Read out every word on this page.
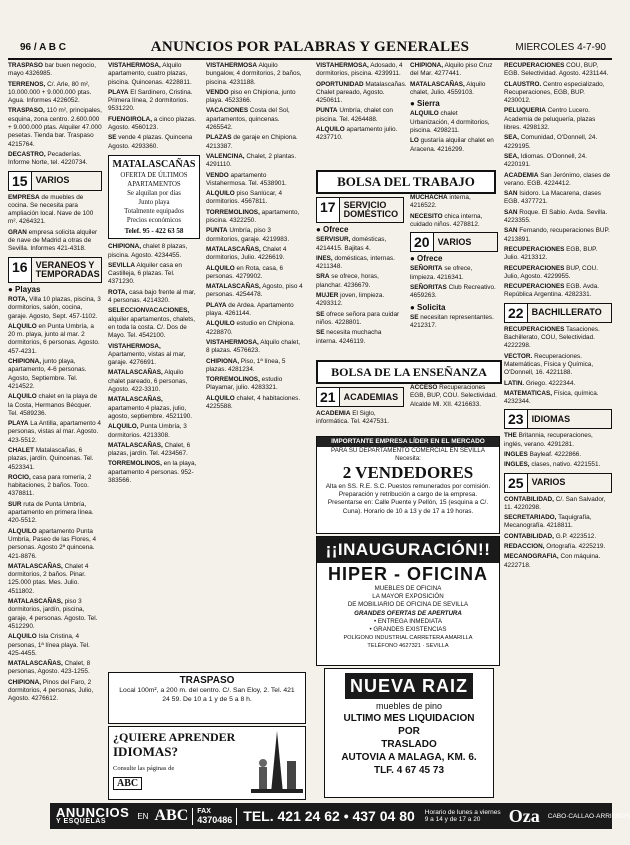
96 / A B C	ANUNCIOS POR PALABRAS Y GENERALES	MIERCOLES 4-7-90

TRASPASO bar buen negocio, mayo 4326985.

TERRENOS, C/. Arle, 80 m², 10.000.000 + 9.000.000 ptas. Agua. Informes 4226052.

TRASPASO, 110 m², principales, esquina, zona centro. 2.600.000 + 9.000.000 ptas. Alquiler 47.000 pesetas. Tienda bar. Traspaso 4215764.

DECASTRO, Pecaderías. Informe Norte, tel. 4220734.

15 VARIOS

EMPRESA de muebles de cocina. Se necesita para ampliación local. Nave de 100 m². 4264321.

GRAN empresa solicita alquiler de nave de Madrid a otras de Sevilla. Informes 421-4318.

16 VERANEOS Y TEMPORADAS
● Playas

ROTA, Villa 10 plazas, piscina, 3 dormitorios, salón, cocina, garaje. Agosto, Sept. 457-1102.

ALQUILO en Punta Umbría, a 20 m. playa, junto al mar. 2 dormitorios, 6 personas. Agosto. 457-4231.

CHIPIONA, junto playa, apartamento, 4-6 personas. Agosto, Septiembre. Tel. 4214522.

ALQUILO chalet en la playa de la Costa, Hermanos Bécquer. Tel. 4589236.

PLAYA La Antilla, apartamento 4 personas, vistas al mar. Agosto. 423-5512.

CHALET Matalascañas, 6 plazas, jardín. Quincenas. Tel. 4523341.

ROCIO, casa para romería, 2 habitaciones, 2 baños. Toco. 4378811.

SUR ruta de Punta Umbría, apartamento en primera línea. 420-5512.

ALQUILO apartamento Punta Umbría, Paseo de las Flores, 4 personas. Agosto 2ª quincena. 421-8876.

MATALASCAÑAS, Chalet 4 dormitorios, 2 baños. Pinar. 125.000 ptas. Mes. Julio. 4511802.

MATALASCAÑAS, piso 3 dormitorios, jardín, piscina, garaje, 4 personas. Agosto. Tel. 4512290.

ALQUILO Isla Cristina, 4 personas, 1ª línea playa. Tel. 425-4455.

MATALASCAÑAS, Chalet, 8 personas, Agosto. 423-1255.

CHIPIONA, Pinos del Faro, 2 dormitorios, 4 personas, Julio, Agosto. 4276612.

VISTAHERMOSA, Alquilo apartamento, cuatro plazas, piscina. Quincenas. 4228811.

PLAYA El Sardinero, Cristina. Primera línea, 2 dormitorios. 9531220.

FUENGIROLA, a cinco plazas. Agosto. 4560123.

SE vende 4 plazas. Quincena Agosto. 4293360.

MATALASCAÑAS
OFERTA DE ÚLTIMOS
APARTAMENTOS
Se alquilan por días
Junto playa
Totalmente equipados
Precios económicos
Telef. 95 - 422 63 58

CHIPIONA, chalet 8 plazas, piscina. Agosto. 4234455.

SEVILLA Alquiler casa en Castilleja, 6 plazas. Tel. 4371230.

ROTA, casa bajo frente al mar, 4 personas. 4214320.

SELECCIONVACACIONES, alquiler apartamentos, chalets, en toda la costa. C/. Dos de Mayo. Tel. 4542100.

VISTAHERMOSA, Apartamento, vistas al mar, garaje. 4276691.

MATALASCAÑAS, Alquilo chalet pareado, 6 personas, Agosto. 422-3310.

MATALASCAÑAS, apartamento 4 plazas, julio, agosto, septiembre. 4521190.

ALQUILO, Punta Umbría, 3 dormitorios. 4213308.

MATALASCAÑAS, Chalet, 6 plazas, jardín. Tel. 4234567.

TORREMOLINOS, en la playa, apartamento 4 personas. 952-383566.

TRASPASO
Local 100m², a 200 m. del centro. C/. San Eloy, 2. Tel. 421 24 59. De 10 a 1 y de 5 a 8 h.
¿QUIERE APRENDER
IDIOMAS?
Consulte las páginas de
ABC

VISTAHERMOSA Alquilo bungalow, 4 dormitorios, 2 baños, piscina. 4231188.

VENDO piso en Chipiona, junto playa. 4523366.

VACACIONES Costa del Sol, apartamentos, quincenas. 4265542.

PLAZAS de garaje en Chipiona. 4213387.

VALENCINA, Chalet, 2 plantas. 4291110.

VENDO apartamento Vistahermosa. Tel. 4538901.

ALQUILO piso Sanlúcar, 4 dormitorios. 4567811.

TORREMOLINOS, apartamento, piscina. 4322250.

PUNTA Umbría, piso 3 dormitorios, garaje. 4219983.

MATALASCAÑAS, Chalet 4 dormitorios, Julio. 4226619.

ALQUILO en Rota, casa, 6 personas. 4279902.

MATALASCAÑAS, Agosto, piso 4 personas. 4254478.

PLAYA de Ardea. Apartamento playa. 4261144.

ALQUILO estudio en Chipiona. 4228870.

VISTAHERMOSA, Alquilo chalet, 8 plazas. 4576623.

CHIPIONA, Piso, 1ª línea, 5 plazas. 4281234.

TORREMOLINOS, estudio Playamar, julio. 4283321.

ALQUILO chalet, 4 habitaciones. 4225588.

VISTAHERMOSA, Adosado, 4 dormitorios, piscina. 4239911.

OPORTUNIDAD Matalascañas. Chalet pareado, Agosto. 4250611.

PUNTA Umbría, chalet con piscina. Tel. 4264488.

ALQUILO apartamento julio. 4237710.

BOLSA DEL TRABAJO
17 SERVICIO DOMÉSTICO
● Ofrece

SERVISUR, domésticas, 4214415. Bajitas 4.

INES, domésticas, internas. 4211348.

SRA se ofrece, horas, planchar. 4236679.

MUJER joven, limpieza. 4293312.

SE ofrece señora para cuidar niños. 4228801.

SE necesita muchacha interna. 4246119.

CHIPIONA, Alquilo piso Cruz del Mar. 4277441.

MATALASCAÑAS, Alquilo chalet, Julio. 4559103.

● Sierra

ALQUILO chalet Urbanización, 4 dormitorios, piscina. 4298211.

LO gustaría alquilar chalet en Aracena. 4216299.

MUCHACHA interna, 4216522.

NECESITO chica interna, cuidado niños. 4278812.

20 VARIOS
● Ofrece

SEÑORITA se ofrece, limpieza. 4216341.

SEÑORITAS Club Recreativo. 4659263.

● Solicita

SE necesitan representantes. 4212317.

BOLSA DE LA ENSEÑANZA
21 ACADEMIAS

ACADEMIA El Siglo, informática. Tel. 4247531.

ACCESO Recuperaciones EGB, BUP, COU. Selectividad. Alcalde Ml. XII. 4216633.

IMPORTANTE EMPRESA LÍDER EN EL MERCADO
PARA SU DEPARTAMENTO COMERCIAL EN SEVILLA
Necesita:
2 VENDEDORES
Alta en SS. R.E. S.C. Puestos remunerados por comisión. Preparación y retribución a cargo de la empresa. Presentarse en: Calle Puente y Pellón, 15 (esquina a C/. Cuna). Horario de 10 a 13 y de 17 a 19 horas.
¡¡INAUGURACIÓN!!
HIPER - OFICINA
MUEBLES DE OFICINA
LA MAYOR EXPOSICIÓN
DE MOBILIARIO DE OFICINA DE SEVILLA
GRANDES OFERTAS DE APERTURA
• ENTREGA INMEDIATA
• GRANDES EXISTENCIAS
POLÍGONO INDUSTRIAL CARRETERA AMARILLA
TELÉFONO 4627321 · SEVILLA
NUEVA RAIZ
muebles de pino
ULTIMO MES LIQUIDACION
POR
TRASLADO
AUTOVIA A MALAGA, KM. 6.
TLF. 4 67 45 73

RECUPERACIONES COU, BUP, EGB. Selectividad. Agosto. 4231144.

CLAUSTRO. Centro especializado, Recuperaciones, EGB, BUP. 4230012.

PELUQUERIA Centro Lucero. Academia de peluquería, plazas libres. 4298132.

SEA, Comunidad, O'Donnell, 24. 4229195.

SEA, Idiomas. O'Donnell, 24. 4220191.

ACADEMIA San Jerónimo, clases de verano. EGB. 4224412.

SAN Isidoro. La Macarena, clases EGB. 4377721.

SAN Roque. El Sabio. Avda. Sevilla. 4223355.

SAN Fernando, recuperaciones BUP. 4213891.

RECUPERACIONES EGB, BUP. Julio. 4213312.

RECUPERACIONES BUP, COU. Julio, Agosto. 4229955.

RECUPERACIONES EGB. Avda. República Argentina. 4282331.

22 BACHILLERATO

RECUPERACIONES Tasaciones. Bachillerato, COU, Selectividad. 4222298.

VECTOR. Recuperaciones. Matemáticas, Física y Química, O'Donnell, 16. 4221188.

LATIN. Griego. 4222344.

MATEMATICAS, Física, química. 4232344.

23 IDIOMAS

THE Britannia, recuperaciones, inglés, verano. 4291281.

INGLES Bayleaf. 4222866.

INGLES, clases, nativo. 4221551.

25 VARIOS

CONTABILIDAD, C/. San Salvador, 11. 4220298.

SECRETARIADO, Taquigrafía, Mecanografía. 4218811.

CONTABILIDAD, G.P. 4223512.

REDACCION, Ortografía. 4225219.

MECANOGRAFIA, Con máquina. 4222718.

ANUNCIOS
Y ESQUELAS
EN ABC	FAX
4370486 TEL. 421 24 62 • 437 04 80	Horario de lunes a viernes 9 a 14 y de 17 a 20	Oza	CABO·CALLAO·ARRIEROS
